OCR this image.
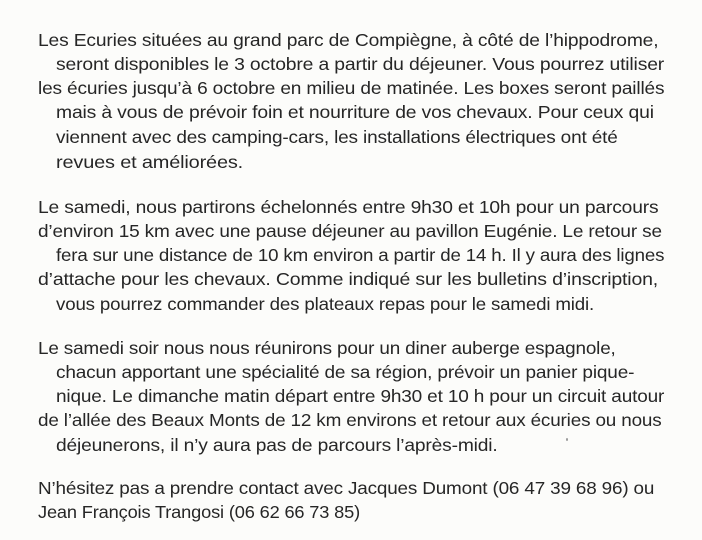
Les Ecuries situées au grand parc de Compiègne, à côté de l’hippodrome,
seront disponibles le 3 octobre a partir du déjeuner. Vous pourrez utiliser
les écuries jusqu’à 6 octobre en milieu de matinée. Les boxes seront paillés
mais à vous de prévoir foin et nourriture de vos chevaux. Pour ceux qui
viennent avec des camping-cars, les installations électriques ont été
revues et améliorées.
Le samedi, nous partirons échelonnés entre 9h30 et 10h pour un parcours
d’environ 15 km avec une pause déjeuner au pavillon Eugénie. Le retour se
fera sur une distance de 10 km environ a partir de 14 h. Il y aura des lignes
d’attache pour les chevaux. Comme indiqué sur les bulletins d’inscription,
vous pourrez commander des plateaux repas pour le samedi midi.
Le samedi soir nous nous réunirons pour un diner auberge espagnole,
chacun apportant une spécialité de sa région, prévoir un panier pique-
nique. Le dimanche matin départ entre 9h30 et 10 h pour un circuit autour
de l’allée des Beaux Monts de 12 km environs et retour aux écuries ou nous
déjeunerons, il n’y aura pas de parcours l’après-midi.
N’hésitez pas a prendre contact avec Jacques Dumont (06 47 39 68 96) ou
Jean François Trangosi (06 62 66 73 85)
